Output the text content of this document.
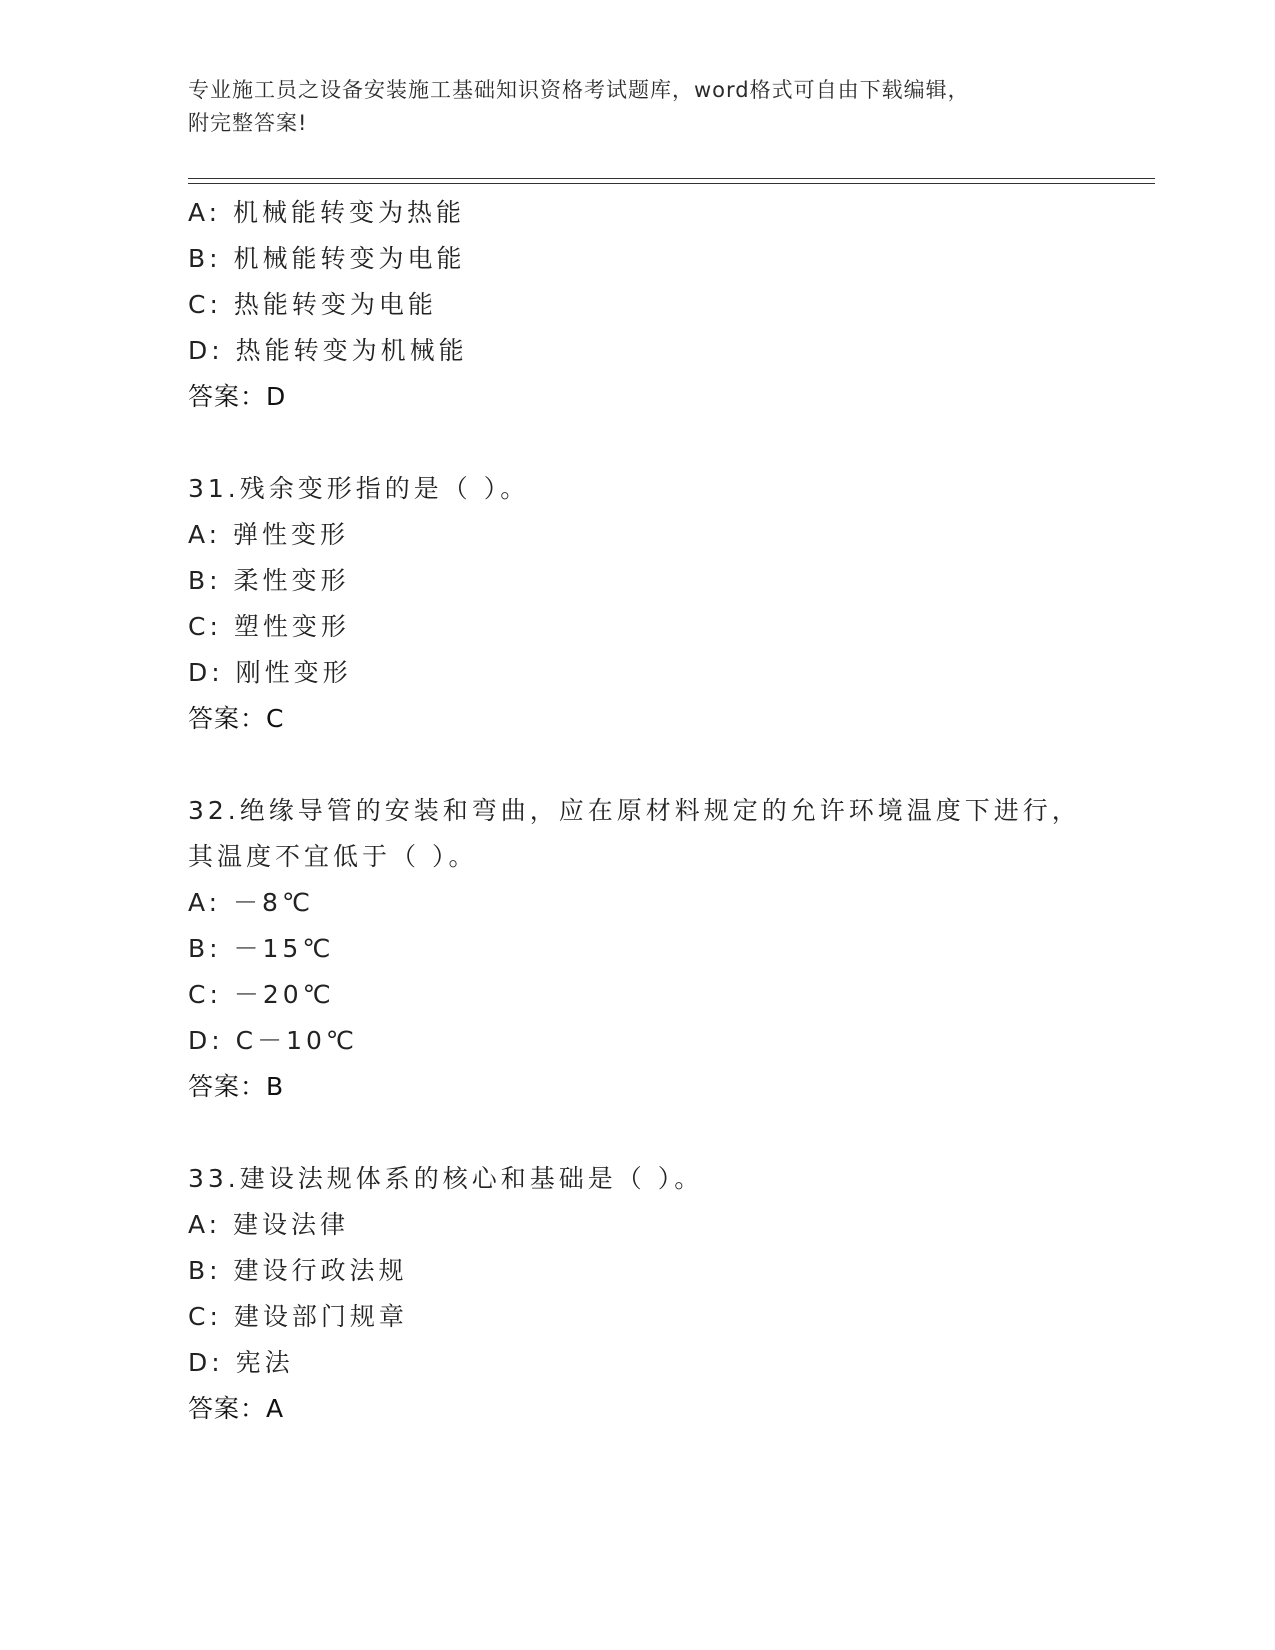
专业施工员之设备安装施工基础知识资格考试题库，word格式可自由下载编辑，
附完整答案!
A: 机械能转变为热能
B: 机械能转变为电能
C: 热能转变为电能
D: 热能转变为机械能
答案：D
31.残余变形指的是（ ）。
A: 弹性变形
B: 柔性变形
C: 塑性变形
D: 刚性变形
答案：C
32.绝缘导管的安装和弯曲，应在原材料规定的允许环境温度下进行，其温度不宜低于（ ）。
A: －8℃
B: －15℃
C: －20℃
D: C－10℃
答案：B
33.建设法规体系的核心和基础是（ ）。
A: 建设法律
B: 建设行政法规
C: 建设部门规章
D: 宪法
答案：A
